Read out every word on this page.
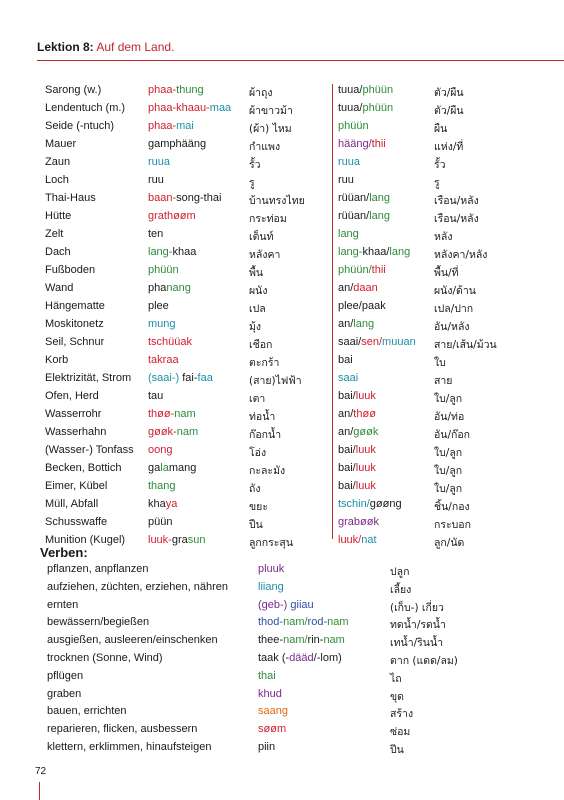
Lektion 8: Auf dem Land.
Sarong (w.)	phaa-thung	ผ้าถุง	tuua/phüün	ตัว/ผืน
Lendentuch (m.)	phaa-khaau-maa	ผ้าขาวม้า	tuua/phüün	ตัว/ผืน
Seide (-ntuch)	phaa-mai	(ผ้า) ไหม	phüün	ผืน
Mauer	gamphääng	กำแพง	hääng/thii	แห่ง/ที่
Zaun	ruua	รั้ว	ruua	รั้ว
Loch	ruu	รู	ruu	รู
Thai-Haus	baan-song-thai	บ้านทรงไทย	rüüan/lang	เรือน/หลัง
Hütte	grathøøm	กระท่อม	rüüan/lang	เรือน/หลัง
Zelt	ten	เต็นท์	lang	หลัง
Dach	lang-khaa	หลังคา	lang-khaa/lang	หลังคา/หลัง
Fußboden	phüün	พื้น	phüün/thii	พื้น/ที่
Wand	phanang	ผนัง	an/daan	ผนัง/ด้าน
Hängematte	plee	เปล	plee/paak	เปล/ปาก
Moskitonetz	mung	มุ้ง	an/lang	อัน/หลัง
Seil, Schnur	tschüüak	เชือก	saai/sen/muuan	สาย/เส้น/ม้วน
Korb	takraa	ตะกร้า	bai	ใบ
Elektrizität, Strom	(saai-) fai-faa	(สาย)ไฟฟ้า	saai	สาย
Ofen, Herd	tau	เตา	bai/luuk	ใบ/ลูก
Wasserrohr	thøø-nam	ท่อน้ำ	an/thøø	อัน/ท่อ
Wasserhahn	gøøk-nam	ก๊อกน้ำ	an/gøøk	อัน/ก๊อก
(Wasser-) Tonfass	oong	โอ่ง	bai/luuk	ใบ/ลูก
Becken, Bottich	galamang	กะละมัง	bai/luuk	ใบ/ลูก
Eimer, Kübel	thang	ถัง	bai/luuk	ใบ/ลูก
Müll, Abfall	khaya	ขยะ	tschin/gøøng	ชิ้น/กอง
Schusswaffe	püün	ปืน	grabøøk	กระบอก
Munition (Kugel)	luuk-grasun	ลูกกระสุน	luuk/nat	ลูก/นัด
Verben:
pflanzen, anpflanzen	pluuk	ปลูก
aufziehen, züchten, erziehen, nähren	liiang	เลี้ยง
ernten	(geb-) giiau	(เก็บ-) เกี่ยว
bewässern/begießen	thod-nam/rod-nam	ทดน้ำ/รดน้ำ
ausgießen, ausleeren/einschenken	thee-nam/rin-nam	เทน้ำ/รินน้ำ
trocknen (Sonne, Wind)	taak (-dääd/-lom)	ตาก (แดด/ลม)
pflügen	thai	ไถ
graben	khud	ขุด
bauen, errichten	saang	สร้าง
reparieren, flicken, ausbessern	søøm	ซ่อม
klettern, erklimmen, hinaufsteigen	piin	ปีน
72
